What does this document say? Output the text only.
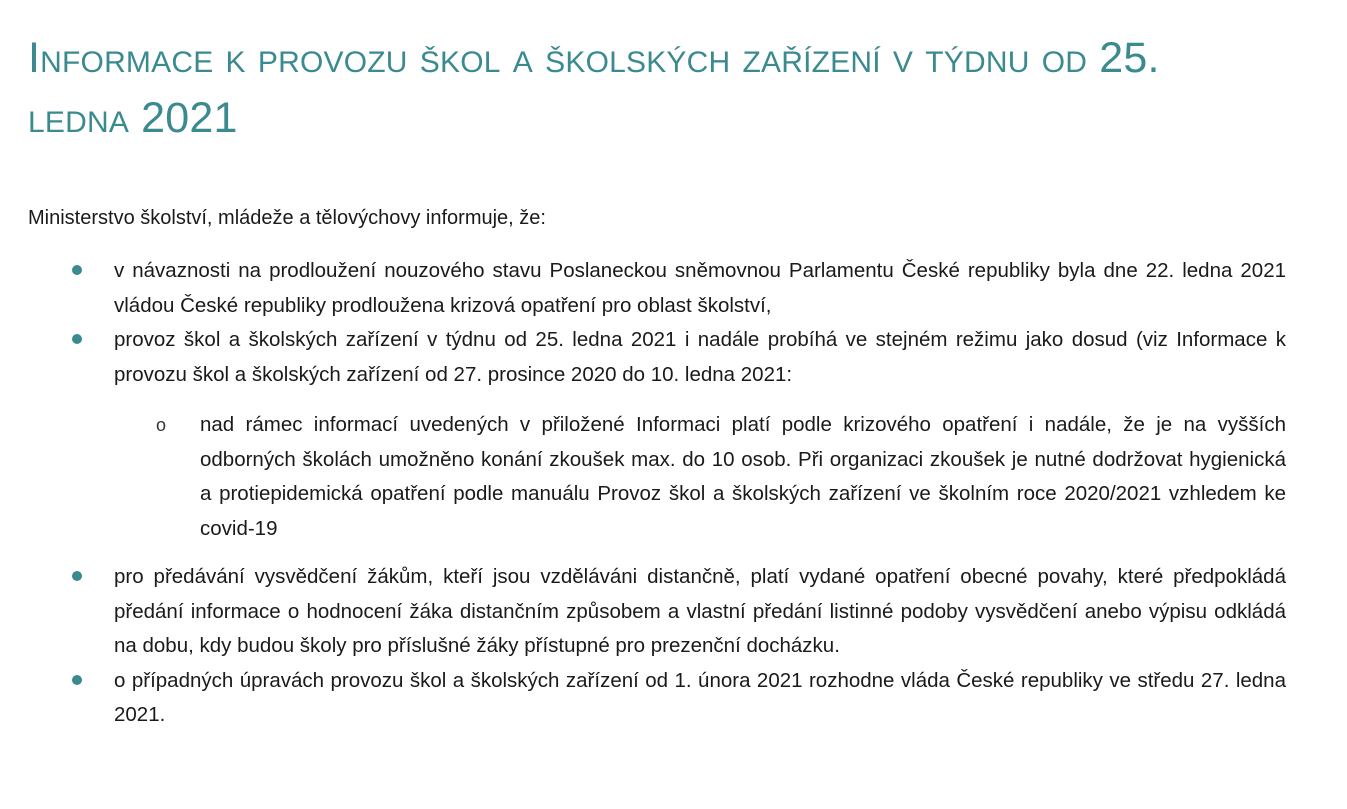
Informace k provozu škol a školských zařízení v týdnu od 25. ledna 2021

Ministerstvo školství, mládeže a tělovýchovy informuje, že:

v návaznosti na prodloužení nouzového stavu Poslaneckou sněmovnou Parlamentu České republiky byla dne 22. ledna 2021 vládou České republiky prodloužena krizová opatření pro oblast školství,
provoz škol a školských zařízení v týdnu od 25. ledna 2021 i nadále probíhá ve stejném režimu jako dosud (viz Informace k provozu škol a školských zařízení od 27. prosince 2020 do 10. ledna 2021:
o nad rámec informací uvedených v přiložené Informaci platí podle krizového opatření i nadále, že je na vyšších odborných školách umožněno konání zkoušek max. do 10 osob. Při organizaci zkoušek je nutné dodržovat hygienická a protiepidemická opatření podle manuálu Provoz škol a školských zařízení ve školním roce 2020/2021 vzhledem ke covid-19
pro předávání vysvědčení žákům, kteří jsou vzděláváni distančně, platí vydané opatření obecné povahy, které předpokládá předání informace o hodnocení žáka distančním způsobem a vlastní předání listinné podoby vysvědčení anebo výpisu odkládá na dobu, kdy budou školy pro příslušné žáky přístupné pro prezenční docházku.
o případných úpravách provozu škol a školských zařízení od 1. února 2021 rozhodne vláda České republiky ve středu 27. ledna 2021.
